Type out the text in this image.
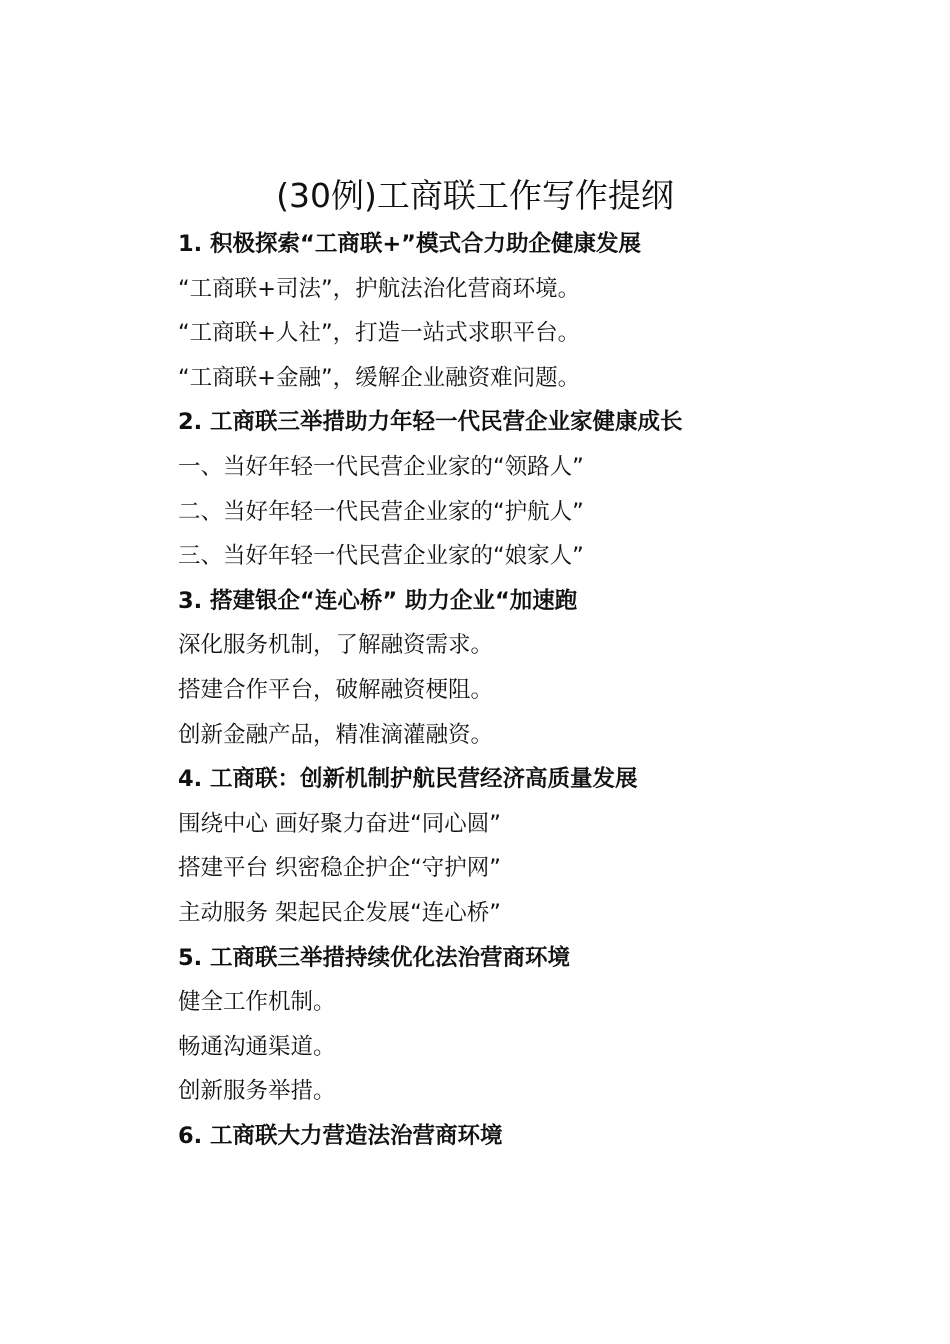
(30例)工商联工作写作提纲
1. 积极探索“工商联+”模式合力助企健康发展
“工商联+司法”，护航法治化营商环境。
“工商联+人社”，打造一站式求职平台。
“工商联+金融”，缓解企业融资难问题。
2. 工商联三举措助力年轻一代民营企业家健康成长
一、当好年轻一代民营企业家的“领路人”
二、当好年轻一代民营企业家的“护航人”
三、当好年轻一代民营企业家的“娘家人”
3. 搭建银企“连心桥” 助力企业“加速跑
深化服务机制，了解融资需求。
搭建合作平台，破解融资梗阻。
创新金融产品，精准滴灌融资。
4. 工商联：创新机制护航民营经济高质量发展
围绕中心 画好聚力奋进“同心圆”
搭建平台 织密稳企护企“守护网”
主动服务 架起民企发展“连心桥”
5. 工商联三举措持续优化法治营商环境
健全工作机制。
畅通沟通渠道。
创新服务举措。
6. 工商联大力营造法治营商环境
